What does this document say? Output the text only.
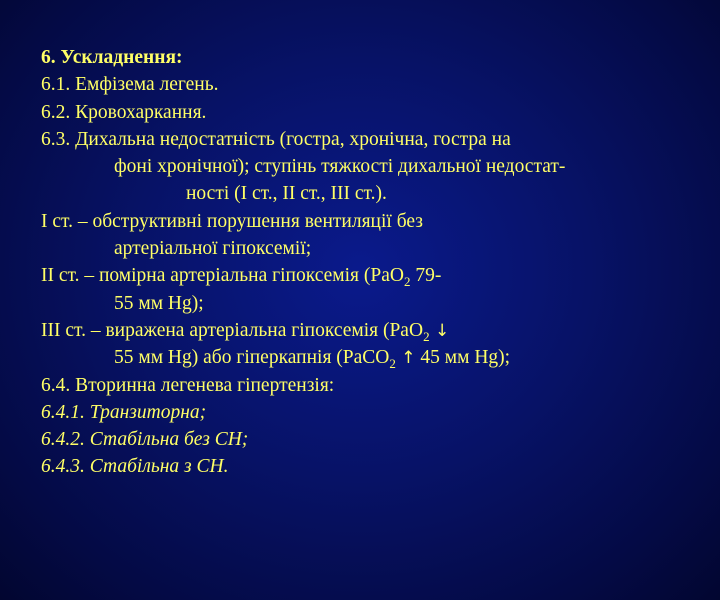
6. Ускладнення:
6.1. Емфізема легень.
6.2. Кровохаркання.
6.3. Дихальна недостатність (гостра, хронічна, гостра на
фоні хронічної); ступінь тяжкості дихальної недостат-
ності (І ст., ІІ ст., ІІІ ст.).
І ст. – обструктивні порушення вентиляції без
артеріальної гіпоксемії;
ІІ ст. – помірна артеріальна гіпоксемія (РаО$_2$ 79-
55 мм Hg);
ІІІ ст. – виражена артеріальна гіпоксемія (РаО$_2$ ↓
55 мм Hg) або гіперкапнія (РаСО$_2$ ↑ 45 мм Hg);
6.4. Вторинна легенева гіпертензія:
6.4.1. Транзиторна;
6.4.2. Стабільна без СН;
6.4.3. Стабільна з СН.
